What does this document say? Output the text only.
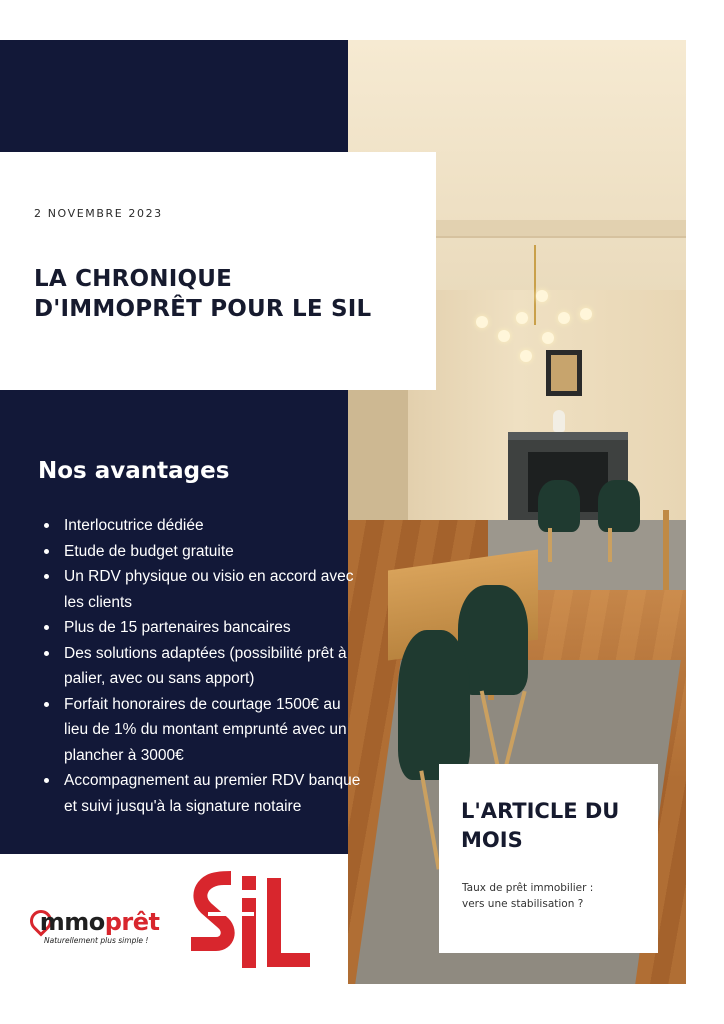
2 NOVEMBRE 2023
LA CHRONIQUE
D'IMMOPRÊT POUR LE SIL
Nos avantages
Interlocutrice dédiée
Etude de budget gratuite
Un RDV physique ou visio en accord avec les clients
Plus de 15 partenaires bancaires
Des solutions adaptées (possibilité prêt à palier, avec ou sans apport)
Forfait honoraires de courtage 1500€ au lieu de 1% du montant emprunté avec un plancher à 3000€
Accompagnement au premier RDV banque et suivi jusqu'à la signature notaire	L'ARTICLE DU
MOIS
Taux de prêt immobilier :
vers une stabilisation ?
mmoprêt
Naturellement plus simple !
